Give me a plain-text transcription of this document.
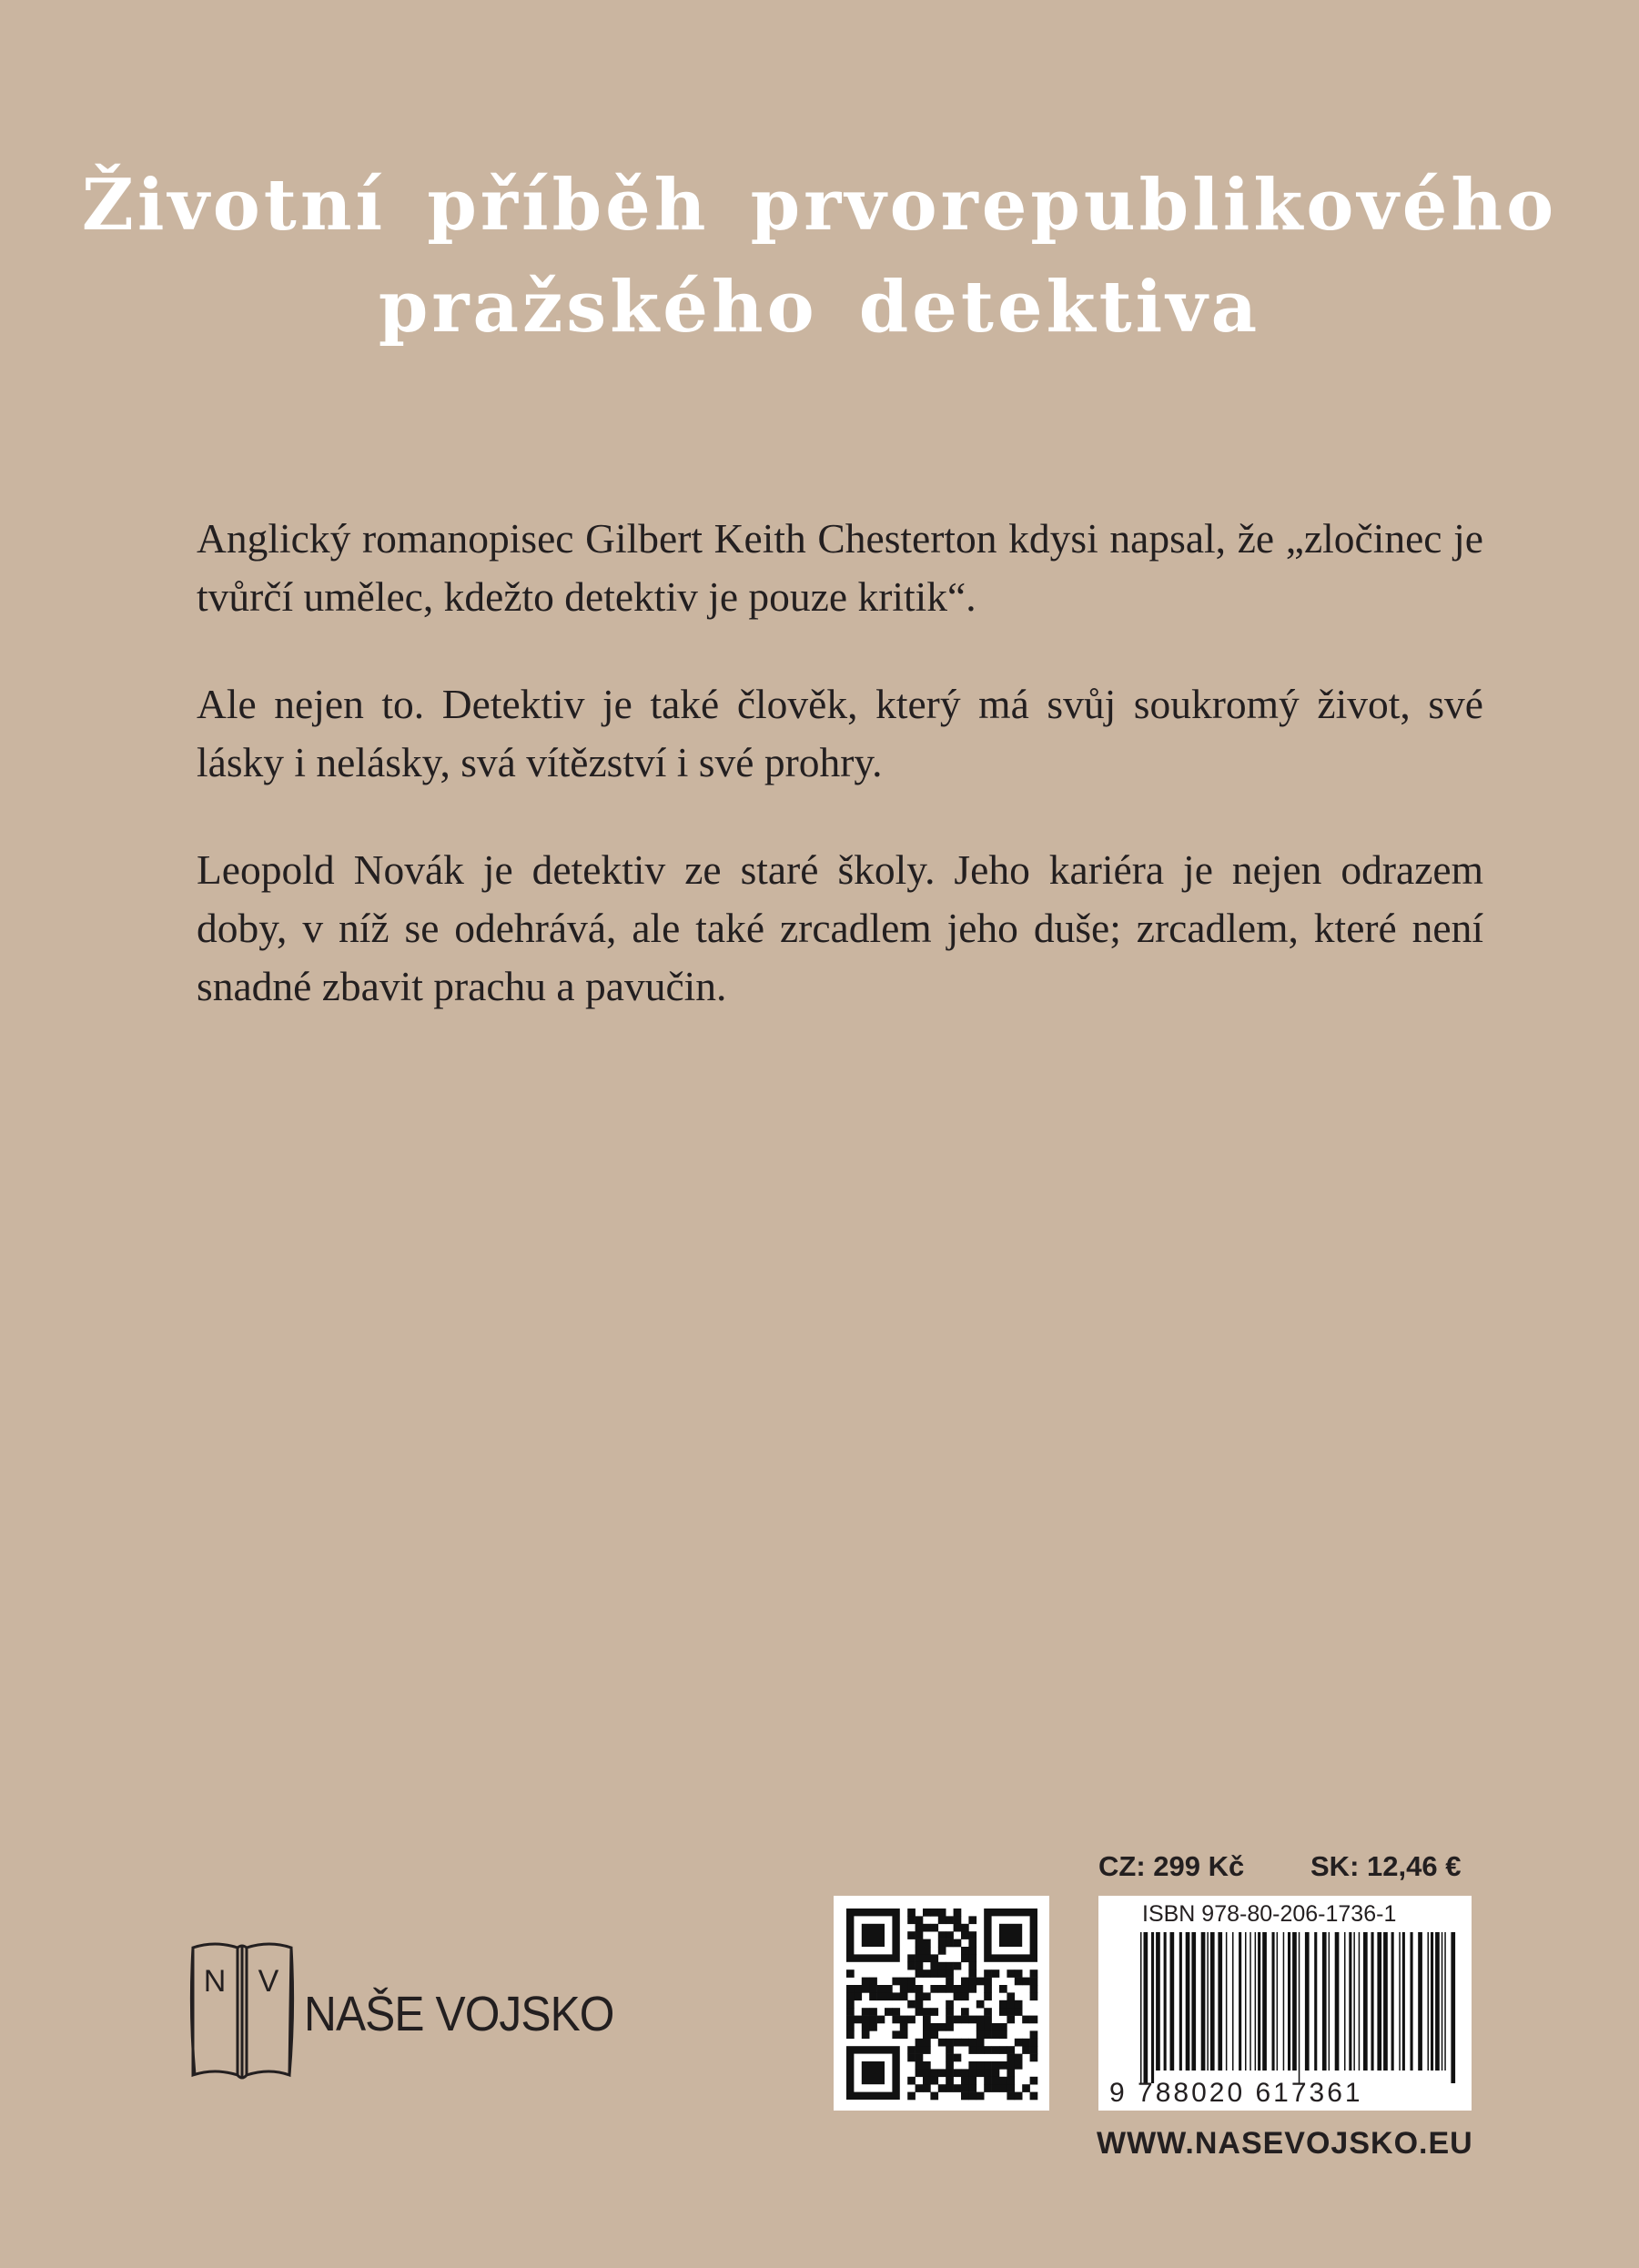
Životní příběh prvorepublikového
pražského detektiva

Anglický romanopisec Gilbert Keith Chesterton kdysi napsal, že „zločinec je tvůrčí umělec, kdežto detektiv je pouze kritik“.

Ale nejen to. Detektiv je také člověk, který má svůj soukromý život, své lásky i nelásky, svá vítězství i své prohry.

Leopold Novák je detektiv ze staré školy. Jeho kariéra je nejen odrazem doby, v níž se odehrává, ale také zrcadlem jeho duše; zrcadlem, které není snadné zbavit prachu a pavučin.

N V
NAŠE VOJSKO
CZ: 299 Kč SK: 12,46 €
ISBN 978-80-206-1736-1
9 788020 617361
WWW.NASEVOJSKO.EU
